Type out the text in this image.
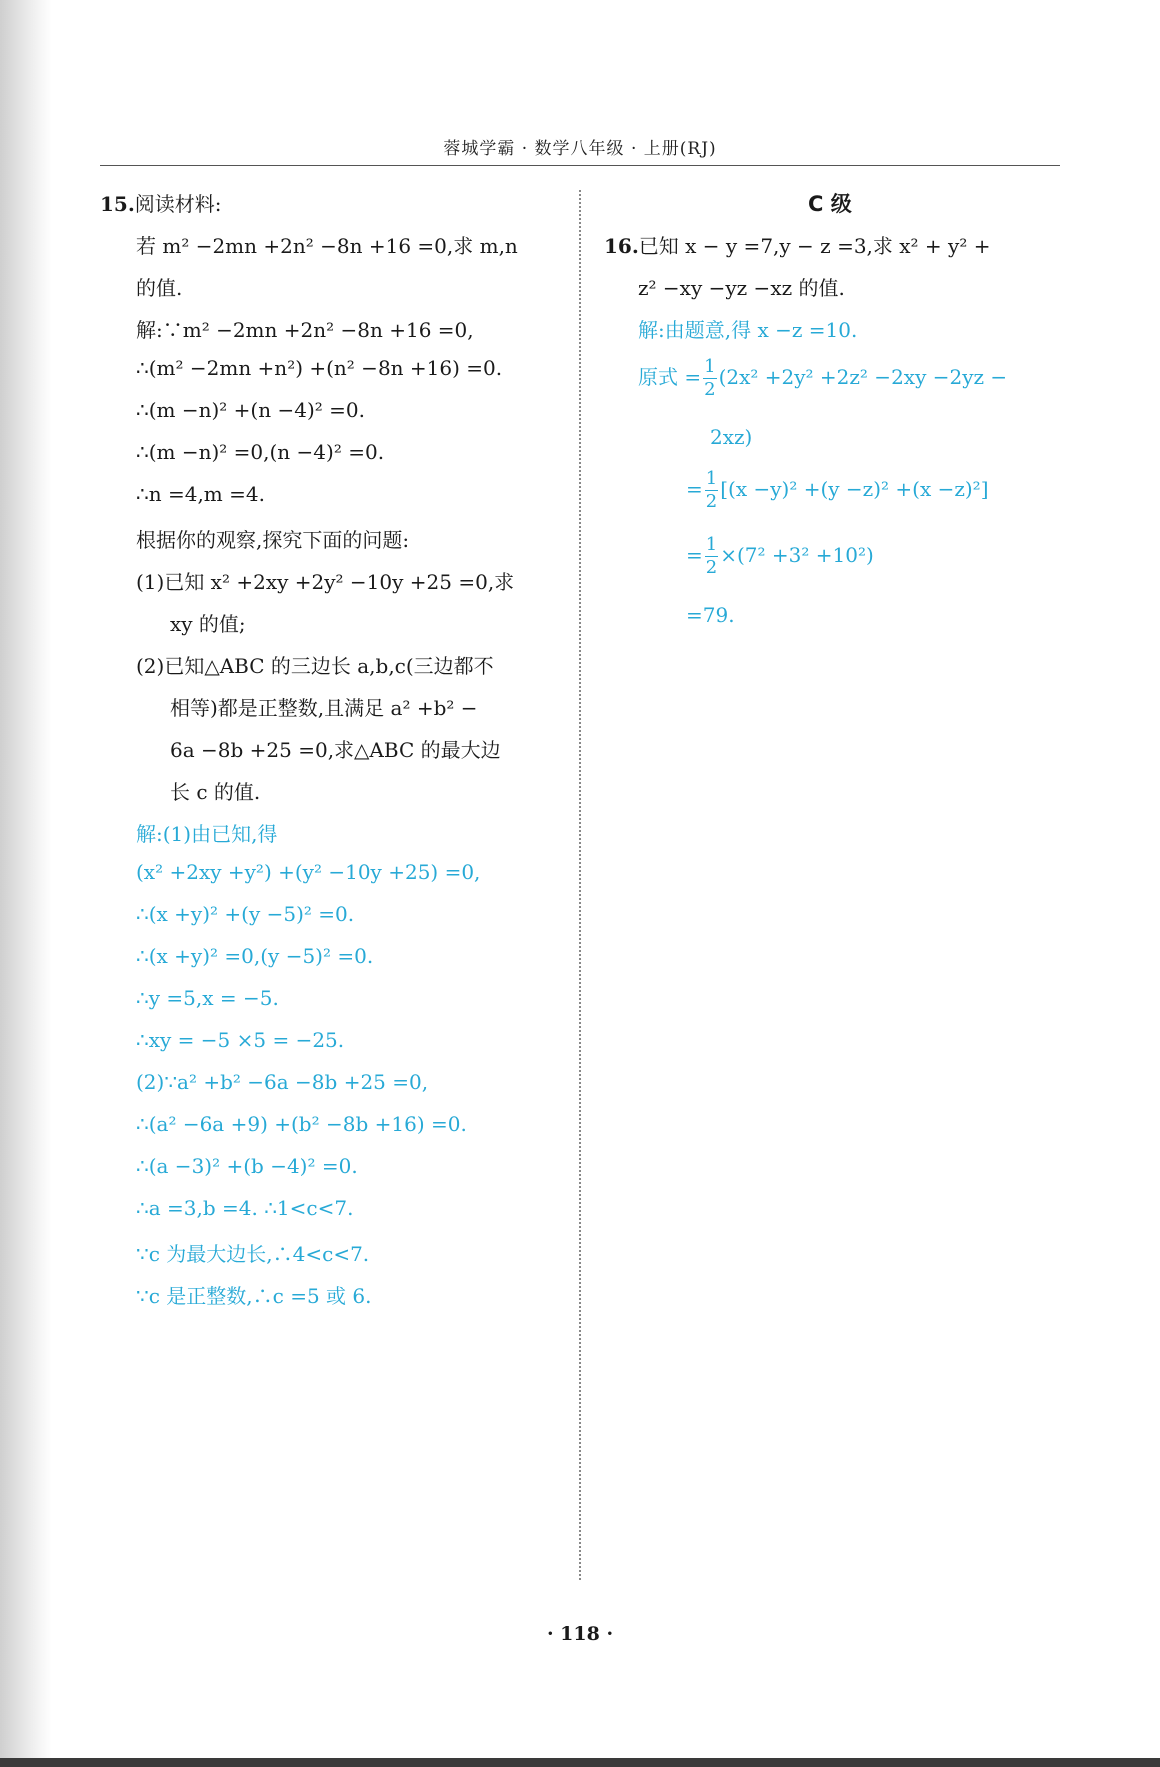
蓉城学霸 · 数学八年级 · 上册(RJ)
15.阅读材料:
若 m² −2mn +2n² −8n +16 =0,求 m,n
的值.
解:∵m² −2mn +2n² −8n +16 =0,
∴(m² −2mn +n²) +(n² −8n +16) =0.
∴(m −n)² +(n −4)² =0.
∴(m −n)² =0,(n −4)² =0.
∴n =4,m =4.
根据你的观察,探究下面的问题:
(1)已知 x² +2xy +2y² −10y +25 =0,求
xy 的值;
(2)已知△ABC 的三边长 a,b,c(三边都不
相等)都是正整数,且满足 a² +b² −
6a −8b +25 =0,求△ABC 的最大边
长 c 的值.
解:(1)由已知,得
(x² +2xy +y²) +(y² −10y +25) =0,
∴(x +y)² +(y −5)² =0.
∴(x +y)² =0,(y −5)² =0.
∴y =5,x = −5.
∴xy = −5 ×5 = −25.
(2)∵a² +b² −6a −8b +25 =0,
∴(a² −6a +9) +(b² −8b +16) =0.
∴(a −3)² +(b −4)² =0.
∴a =3,b =4. ∴1<c<7.
∵c 为最大边长,∴4<c<7.
∵c 是正整数,∴c =5 或 6.
C 级
16.已知 x − y =7,y − z =3,求 x² + y² +
z² −xy −yz −xz 的值.
解:由题意,得 x −z =10.
原式 = $\frac{1}{2} (2x^2 +2y^2 +2z^2 -2xy -2yz$ −
2xz)
= $\frac{1}{2} [(x -y)^2 +(y -z)^2 +(x -z)^2]$
= $\frac{1}{2} \times(7^2 +3^2 +10^2)$
=79.
· 118 ·
